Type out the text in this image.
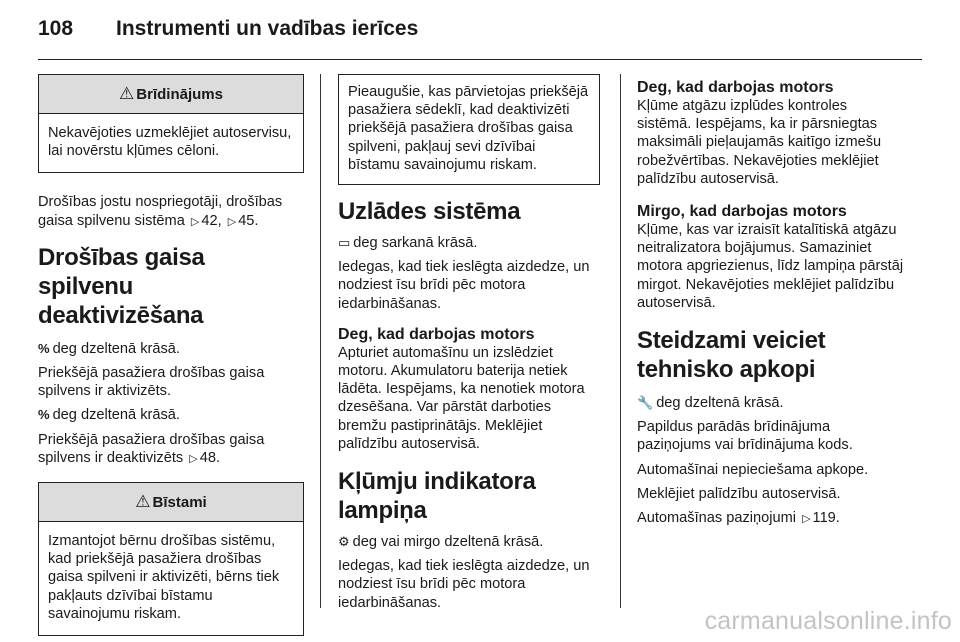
108	Instrumenti un vadības ierīces
⚠ Brīdinājums
Nekavējoties uzmeklējiet autoservisu, lai novērstu kļūmes cēloni.

Drošības jostu nospriegotāji, drošības gaisa spilvenu sistēma ▷ 42, ▷ 45.

Drošības gaisa spilvenu deaktivizēšana

% deg dzeltenā krāsā.

Priekšējā pasažiera drošības gaisa spilvens ir aktivizēts.

% deg dzeltenā krāsā.

Priekšējā pasažiera drošības gaisa spilvens ir deaktivizēts ▷ 48.

⚠ Bīstami
Izmantojot bērnu drošības sistēmu, kad priekšējā pasažiera drošības gaisa spilveni ir aktivizēti, bērns tiek pakļauts dzīvībai bīstamu savainojumu riskam.
Pieaugušie, kas pārvietojas priekšējā pasažiera sēdeklī, kad deaktivizēti priekšējā pasažiera drošības gaisa spilveni, pakļauj sevi dzīvībai bīstamu savainojumu riskam.
Uzlādes sistēma

▭ deg sarkanā krāsā.

Iedegas, kad tiek ieslēgta aizdedze, un nodziest īsu brīdi pēc motora iedarbināšanas.

Deg, kad darbojas motors

Apturiet automašīnu un izslēdziet motoru. Akumulatoru baterija netiek lādēta. Iespējams, ka nenotiek motora dzesēšana. Var pārstāt darboties bremžu pastiprinātājs. Meklējiet palīdzību autoservisā.

Kļūmju indikatora lampiņa

⚙ deg vai mirgo dzeltenā krāsā.

Iedegas, kad tiek ieslēgta aizdedze, un nodziest īsu brīdi pēc motora iedarbināšanas.

Deg, kad darbojas motors

Kļūme atgāzu izplūdes kontroles sistēmā. Iespējams, ka ir pārsniegtas maksimāli pieļaujamās kaitīgo izmešu robežvērtības. Nekavējoties meklējiet palīdzību autoservisā.

Mirgo, kad darbojas motors

Kļūme, kas var izraisīt katalītiskā atgāzu neitralizatora bojājumus. Samaziniet motora apgriezienus, līdz lampiņa pārstāj mirgot. Nekavējoties meklējiet palīdzību autoservisā.

Steidzami veiciet tehnisko apkopi

🔧 deg dzeltenā krāsā.

Papildus parādās brīdinājuma paziņojums vai brīdinājuma kods.

Automašīnai nepieciešama apkope.

Meklējiet palīdzību autoservisā.

Automašīnas paziņojumi ▷ 119.

carmanualsonline.info
